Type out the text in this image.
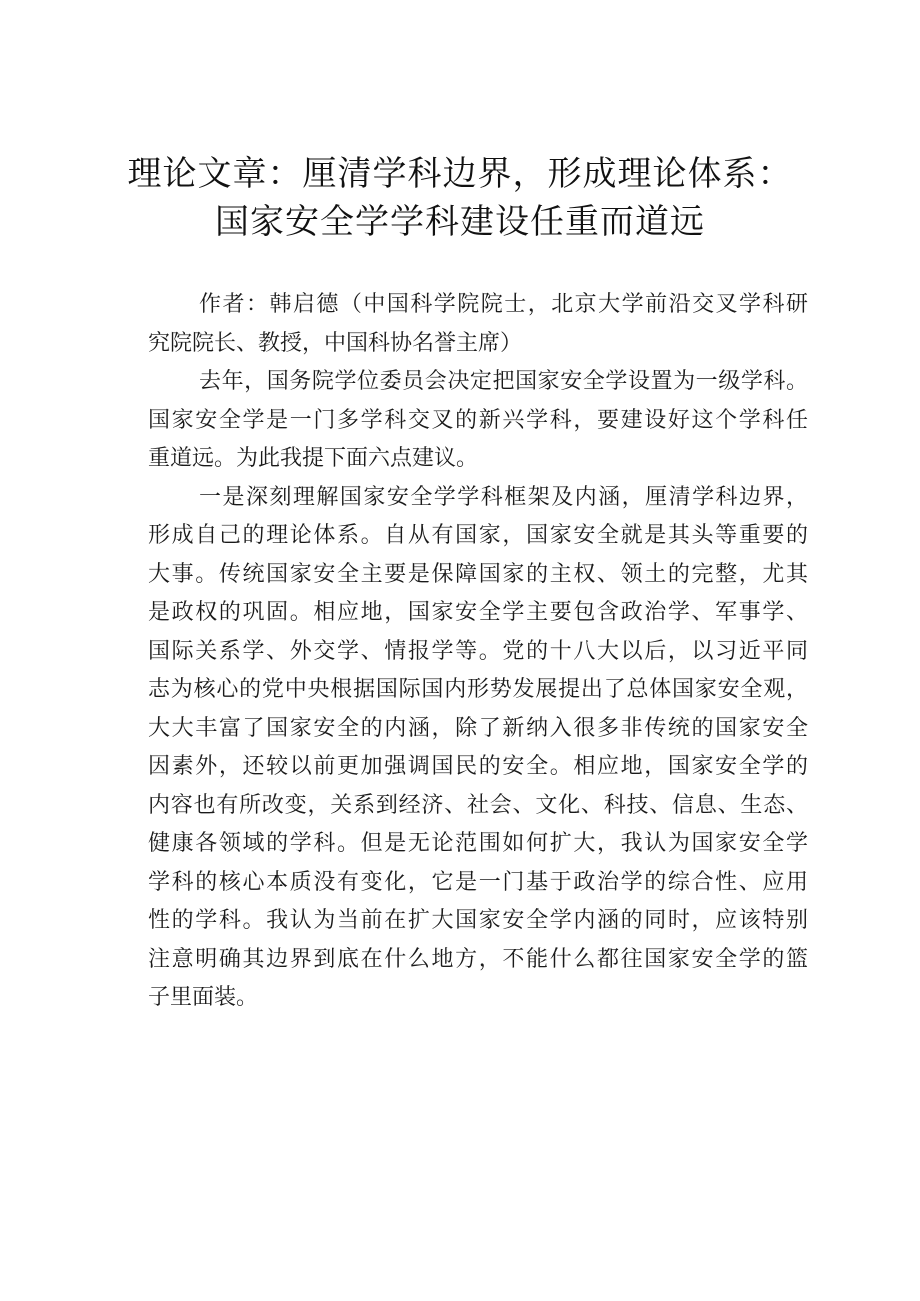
理论文章：厘清学科边界，形成理论体系：
国家安全学学科建设任重而道远
作者：韩启德（中国科学院院士，北京大学前沿交叉学科研
究院院长、教授，中国科协名誉主席）
去年，国务院学位委员会决定把国家安全学设置为一级学科。
国家安全学是一门多学科交叉的新兴学科，要建设好这个学科任
重道远。为此我提下面六点建议。
一是深刻理解国家安全学学科框架及内涵，厘清学科边界，
形成自己的理论体系。自从有国家，国家安全就是其头等重要的
大事。传统国家安全主要是保障国家的主权、领土的完整，尤其
是政权的巩固。相应地，国家安全学主要包含政治学、军事学、
国际关系学、外交学、情报学等。党的十八大以后，以习近平同
志为核心的党中央根据国际国内形势发展提出了总体国家安全观，
大大丰富了国家安全的内涵，除了新纳入很多非传统的国家安全
因素外，还较以前更加强调国民的安全。相应地，国家安全学的
内容也有所改变，关系到经济、社会、文化、科技、信息、生态、
健康各领域的学科。但是无论范围如何扩大，我认为国家安全学
学科的核心本质没有变化，它是一门基于政治学的综合性、应用
性的学科。我认为当前在扩大国家安全学内涵的同时，应该特别
注意明确其边界到底在什么地方，不能什么都往国家安全学的篮
子里面装。
